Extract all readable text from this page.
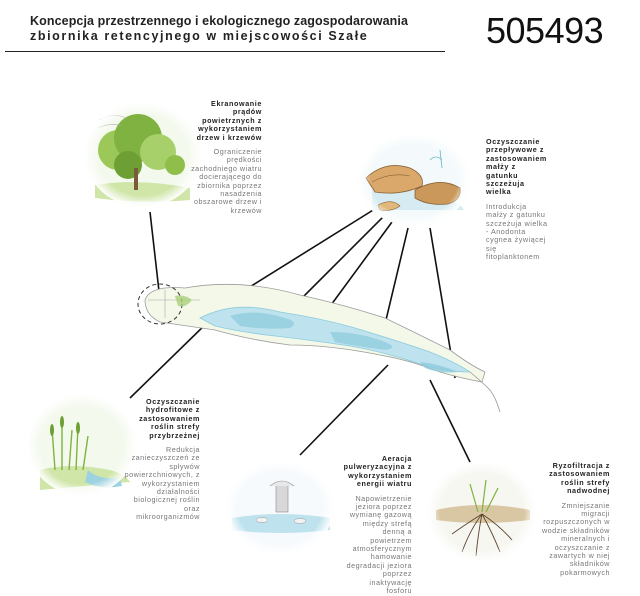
Koncepcja przestrzennego i ekologicznego zagospodarowania
zbiornika retencyjnego w miejscowości Szałe	505493
Ekranowanie prądów powietrznych z wykorzystaniem drzew i krzewów
Ograniczenie prędkości zachodniego wiatru docierającego do zbiornika poprzez nasadzenia obszarowe drzew i krzewów
Oczyszczanie przepływowe z zastosowaniem małży z gatunku szczeżuja wielka
Introdukcja małży z gatunku szczeżuja wielka - Anodonta cygnea żywiącej się fitoplanktonem
Oczyszczanie hydrofitowe z zastosowaniem roślin strefy przybrzeżnej
Redukcja zanieczyszczeń ze spływów powierzchniowych, z wykorzystaniem działalności biologicznej roślin oraz mikroorganizmów
Aeracja pulweryzacyjna z wykorzystaniem energii wiatru
Napowietrzenie jeziora poprzez wymianę gazową między strefą denną a powietrzem atmosferycznym hamowanie degradacji jeziora poprzez inaktywację fosforu
Ryzofiltracja z zastosowaniem roślin strefy nadwodnej
Zmniejszanie migracji rozpuszczonych w wodzie składników mineralnych i oczyszczanie z zawartych w niej składników pokarmowych
